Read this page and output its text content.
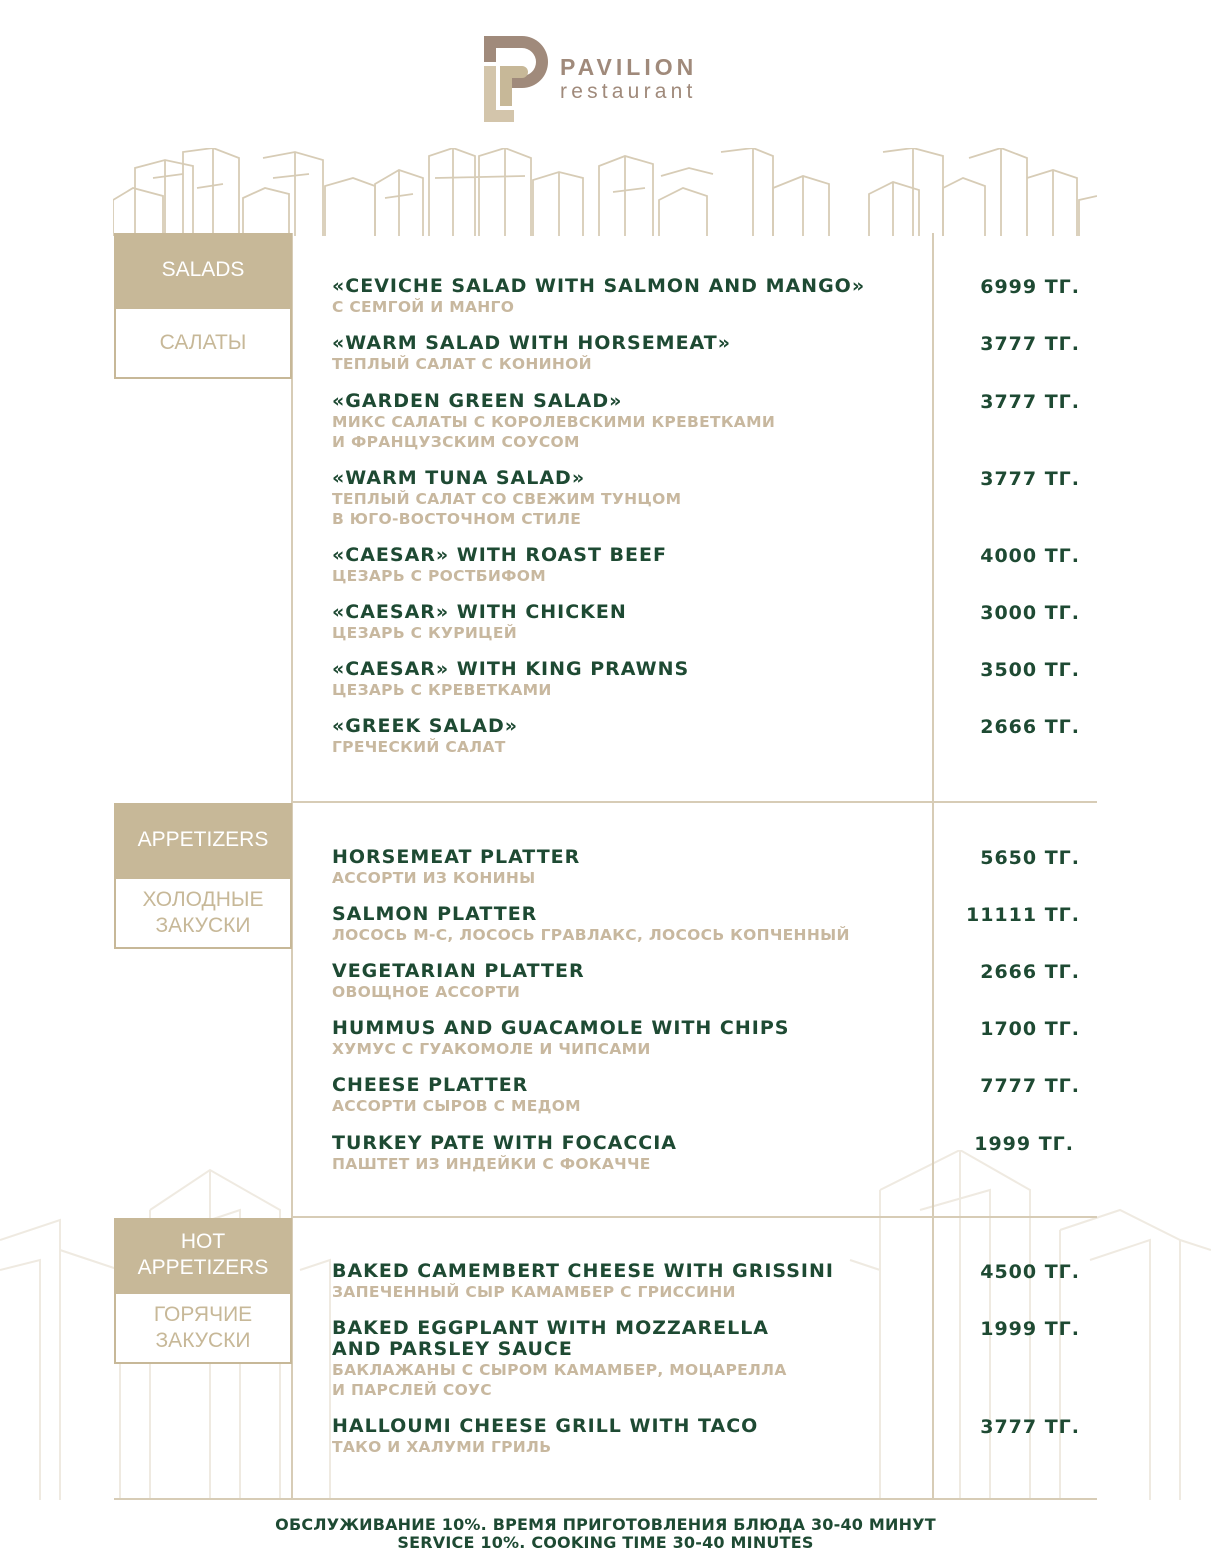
PAVILION
restaurant
SALADS
САЛАТЫ
«CEVICHE SALAD WITH SALMON AND MANGO»
С СЕМГОЙ И МАНГО
6999 ТГ.
«WARM SALAD WITH HORSEMEAT»
ТЕПЛЫЙ САЛАТ С КОНИНОЙ
3777 ТГ.
«GARDEN GREEN SALAD»
МИКС САЛАТЫ С КОРОЛЕВСКИМИ КРЕВЕТКАМИ
И ФРАНЦУЗСКИМ СОУСОМ
3777 ТГ.
«WARM TUNA SALAD»
ТЕПЛЫЙ САЛАТ СО СВЕЖИМ ТУНЦОМ
В ЮГО-ВОСТОЧНОМ СТИЛЕ
3777 ТГ.
«CAESAR» WITH ROAST BEEF
ЦЕЗАРЬ С РОСТБИФОМ
4000 ТГ.
«CAESAR» WITH CHICKEN
ЦЕЗАРЬ С КУРИЦЕЙ
3000 ТГ.
«CAESAR» WITH KING PRAWNS
ЦЕЗАРЬ С КРЕВЕТКАМИ
3500 ТГ.
«GREEK SALAD»
ГРЕЧЕСКИЙ САЛАТ
2666 ТГ.
APPETIZERS
ХОЛОДНЫЕ
ЗАКУСКИ
HORSEMEAT PLATTER
АССОРТИ ИЗ КОНИНЫ
5650 ТГ.
SALMON PLATTER
ЛОСОСЬ М-С, ЛОСОСЬ ГРАВЛАКС, ЛОСОСЬ КОПЧЕННЫЙ
11111 ТГ.
VEGETARIAN PLATTER
ОВОЩНОЕ АССОРТИ
2666 ТГ.
HUMMUS AND GUACAMOLE WITH CHIPS
ХУМУС С ГУАКОМОЛЕ И ЧИПСАМИ
1700 ТГ.
CHEESE PLATTER
АССОРТИ СЫРОВ С МЕДОМ
7777 ТГ.
TURKEY PATE WITH FOCACCIA
ПАШТЕТ ИЗ ИНДЕЙКИ С ФОКАЧЧЕ
1999 ТГ.
HOT
APPETIZERS
ГОРЯЧИЕ
ЗАКУСКИ
BAKED CAMEMBERT CHEESE WITH GRISSINI
ЗАПЕЧЕННЫЙ СЫР КАМАМБЕР С ГРИССИНИ
4500 ТГ.
BAKED EGGPLANT WITH MOZZARELLA
AND PARSLEY SAUCE
БАКЛАЖАНЫ С СЫРОМ КАМАМБЕР, МОЦАРЕЛЛА
И ПАРСЛЕЙ СОУС
1999 ТГ.
HALLOUMI CHEESE GRILL WITH TACO
ТАКО И ХАЛУМИ ГРИЛЬ
3777 ТГ.
ОБСЛУЖИВАНИЕ 10%. ВРЕМЯ ПРИГОТОВЛЕНИЯ БЛЮДА 30-40 МИНУТ
SERVICE 10%. COOKING TIME 30-40 MINUTES
